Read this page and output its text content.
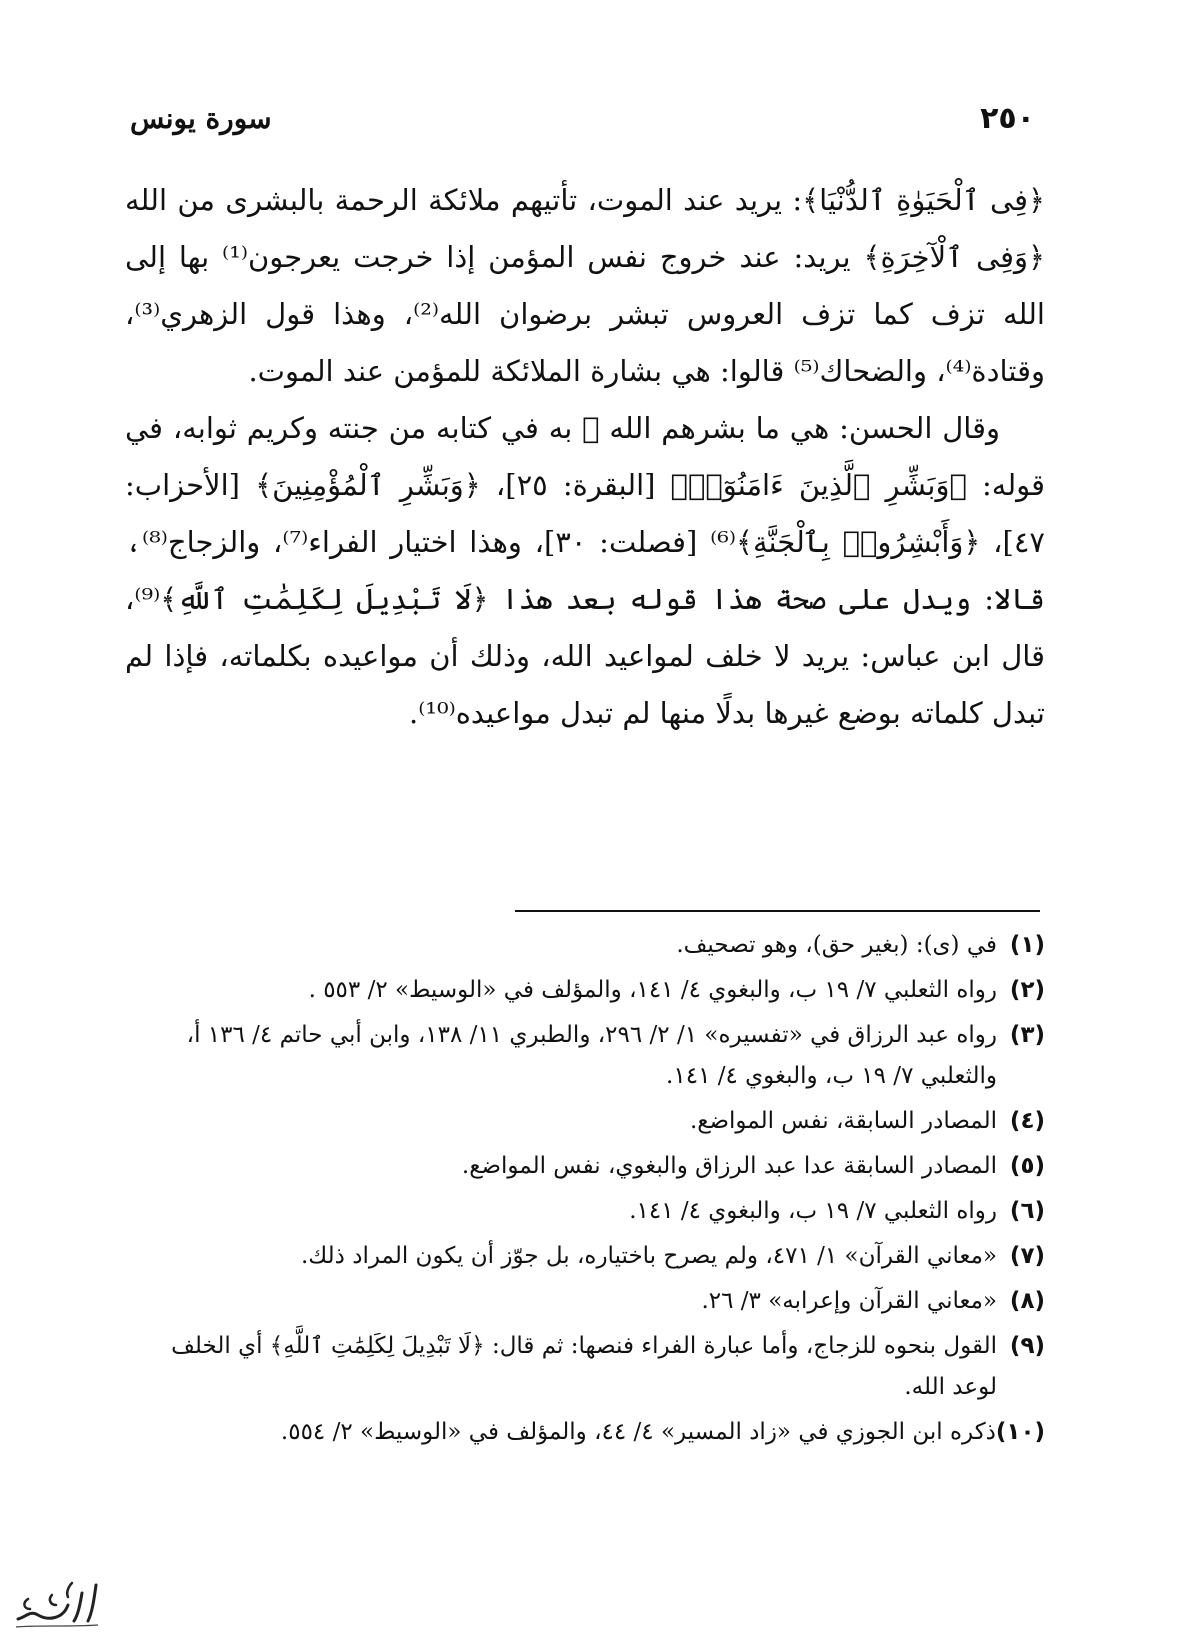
٢٥٠
سورة يونس

﴿فِى ٱلْحَيَوٰةِ ٱلدُّنْيَا﴾: يريد عند الموت، تأتيهم ملائكة الرحمة بالبشرى من الله ﴿وَفِى ٱلْآخِرَةِ﴾ يريد: عند خروج نفس المؤمن إذا خرجت يعرجون⁽¹⁾ بها إلى الله تزف كما تزف العروس تبشر برضوان الله⁽²⁾، وهذا قول الزهري⁽³⁾، وقتادة⁽⁴⁾، والضحاك⁽⁵⁾ قالوا: هي بشارة الملائكة للمؤمن عند الموت.

وقال الحسن: هي ما بشرهم الله ﷻ به في كتابه من جنته وكريم ثوابه، في قوله: ﴿وَبَشِّرِ ٱلَّذِينَ ءَامَنُوٓا۟﴾ [البقرة: ٢٥]، ﴿وَبَشِّرِ ٱلْمُؤْمِنِينَ﴾ [الأحزاب: ٤٧]، ﴿وَأَبْشِرُوا۟ بِٱلْجَنَّةِ﴾⁽⁶⁾ [فصلت: ٣٠]، وهذا اختيار الفراء⁽⁷⁾، والزجاج⁽⁸⁾، قالا: ويدل على صحة هذا قوله بعد هذا ﴿لَا تَبْدِيلَ لِكَلِمَٰتِ ٱللَّهِ﴾⁽⁹⁾، قال ابن عباس: يريد لا خلف لمواعيد الله، وذلك أن مواعيده بكلماته، فإذا لم تبدل كلماته بوضع غيرها بدلًا منها لم تبدل مواعيده⁽¹⁰⁾.

(١)
في (ى): (بغير حق)، وهو تصحيف.
(٢)
رواه الثعلبي ٧/ ١٩ ب، والبغوي ٤/ ١٤١، والمؤلف في «الوسيط» ٢/ ٥٥٣ .
(٣)
رواه عبد الرزاق في «تفسيره» ١/ ٢/ ٢٩٦، والطبري ١١/ ١٣٨، وابن أبي حاتم ٤/ ١٣٦ أ، والثعلبي ٧/ ١٩ ب، والبغوي ٤/ ١٤١.
(٤)
المصادر السابقة، نفس المواضع.
(٥)
المصادر السابقة عدا عبد الرزاق والبغوي، نفس المواضع.
(٦)
رواه الثعلبي ٧/ ١٩ ب، والبغوي ٤/ ١٤١.
(٧)
«معاني القرآن» ١/ ٤٧١، ولم يصرح باختياره، بل جوّز أن يكون المراد ذلك.
(٨)
«معاني القرآن وإعرابه» ٣/ ٢٦.
(٩)
القول بنحوه للزجاج، وأما عبارة الفراء فنصها: ثم قال: ﴿لَا تَبْدِيلَ لِكَلِمَٰتِ ٱللَّهِ﴾ أي الخلف لوعد الله.
(١٠)
ذكره ابن الجوزي في «زاد المسير» ٤/ ٤٤، والمؤلف في «الوسيط» ٢/ ٥٥٤.
